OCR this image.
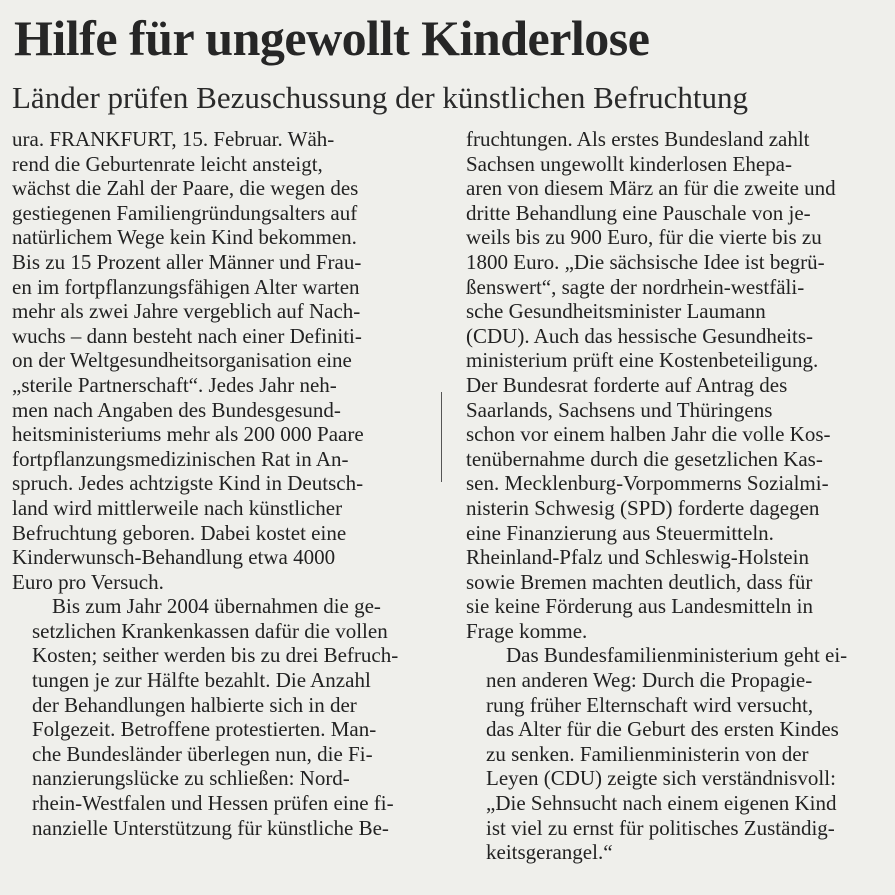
Hilfe für ungewollt Kinderlose
Länder prüfen Bezuschussung der künstlichen Befruchtung

ura. FRANKFURT, 15. Februar. Wäh-
rend die Geburtenrate leicht ansteigt,
wächst die Zahl der Paare, die wegen des
gestiegenen Familiengründungsalters auf
natürlichem Wege kein Kind bekommen.
Bis zu 15 Prozent aller Männer und Frau-
en im fortpflanzungsfähigen Alter warten
mehr als zwei Jahre vergeblich auf Nach-
wuchs – dann besteht nach einer Definiti-
on der Weltgesundheitsorganisation eine
„sterile Partnerschaft“. Jedes Jahr neh-
men nach Angaben des Bundesgesund-
heitsministeriums mehr als 200 000 Paare
fortpflanzungsmedizinischen Rat in An-
spruch. Jedes achtzigste Kind in Deutsch-
land wird mittlerweile nach künstlicher
Befruchtung geboren. Dabei kostet eine
Kinderwunsch-Behandlung etwa 4000
Euro pro Versuch.

Bis zum Jahr 2004 übernahmen die ge-
setzlichen Krankenkassen dafür die vollen
Kosten; seither werden bis zu drei Befruch-
tungen je zur Hälfte bezahlt. Die Anzahl
der Behandlungen halbierte sich in der
Folgezeit. Betroffene protestierten. Man-
che Bundesländer überlegen nun, die Fi-
nanzierungslücke zu schließen: Nord-
rhein-Westfalen und Hessen prüfen eine fi-
nanzielle Unterstützung für künstliche Be-

fruchtungen. Als erstes Bundesland zahlt
Sachsen ungewollt kinderlosen Ehepa-
aren von diesem März an für die zweite und
dritte Behandlung eine Pauschale von je-
weils bis zu 900 Euro, für die vierte bis zu
1800 Euro. „Die sächsische Idee ist begrü-
ßenswert“, sagte der nordrhein-westfäli-
sche Gesundheitsminister Laumann
(CDU). Auch das hessische Gesundheits-
ministerium prüft eine Kostenbeteiligung.
Der Bundesrat forderte auf Antrag des
Saarlands, Sachsens und Thüringens
schon vor einem halben Jahr die volle Kos-
tenübernahme durch die gesetzlichen Kas-
sen. Mecklenburg-Vorpommerns Sozialmi-
nisterin Schwesig (SPD) forderte dagegen
eine Finanzierung aus Steuermitteln.
Rheinland-Pfalz und Schleswig-Holstein
sowie Bremen machten deutlich, dass für
sie keine Förderung aus Landesmitteln in
Frage komme.

Das Bundesfamilienministerium geht ei-
nen anderen Weg: Durch die Propagie-
rung früher Elternschaft wird versucht,
das Alter für die Geburt des ersten Kindes
zu senken. Familienministerin von der
Leyen (CDU) zeigte sich verständnisvoll:
„Die Sehnsucht nach einem eigenen Kind
ist viel zu ernst für politisches Zuständig-
keitsgerangel.“
